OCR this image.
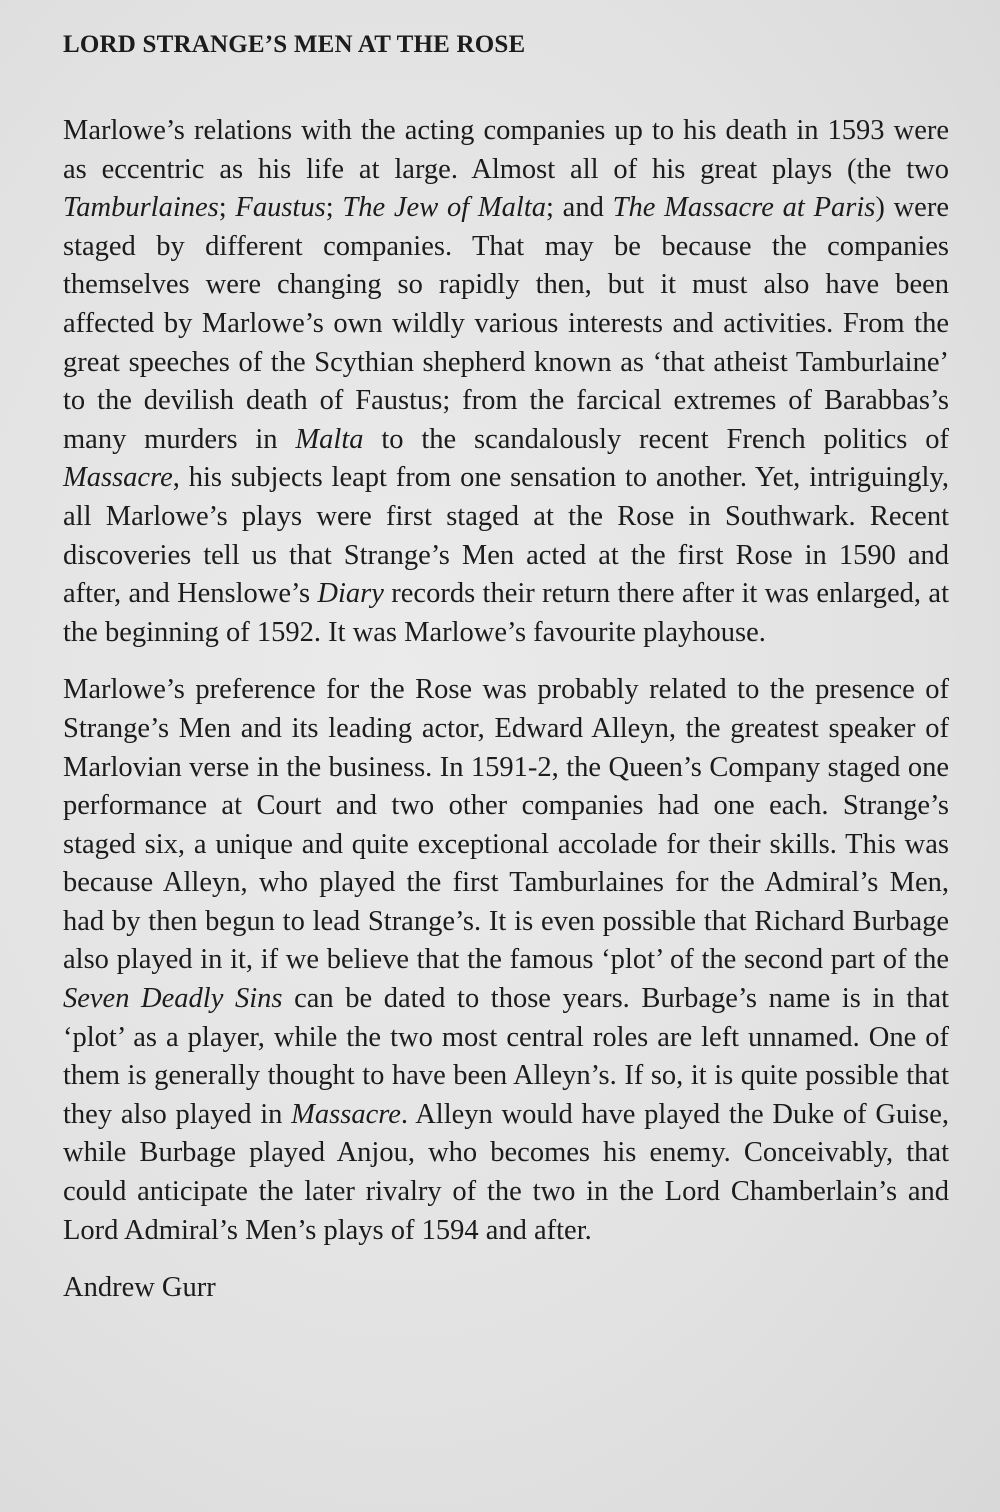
LORD STRANGE’S MEN AT THE ROSE

Marlowe’s relations with the acting companies up to his death in 1593 were as eccentric as his life at large. Almost all of his great plays (the two Tamburlaines; Faustus; The Jew of Malta; and The Massacre at Paris) were staged by different companies. That may be because the companies themselves were changing so rapidly then, but it must also have been affected by Marlowe’s own wildly various interests and activities. From the great speeches of the Scythian shepherd known as ‘that atheist Tamburlaine’ to the devilish death of Faustus; from the farcical extremes of Barabbas’s many murders in Malta to the scandalously recent French politics of Massacre, his subjects leapt from one sensation to another. Yet, intriguingly, all Marlowe’s plays were first staged at the Rose in Southwark. Recent discoveries tell us that Strange’s Men acted at the first Rose in 1590 and after, and Henslowe’s Diary records their return there after it was enlarged, at the beginning of 1592. It was Marlowe’s favourite playhouse.

Marlowe’s preference for the Rose was probably related to the presence of Strange’s Men and its leading actor, Edward Alleyn, the greatest speaker of Marlovian verse in the business. In 1591-2, the Queen’s Company staged one performance at Court and two other companies had one each. Strange’s staged six, a unique and quite exceptional accolade for their skills. This was because Alleyn, who played the first Tamburlaines for the Admiral’s Men, had by then begun to lead Strange’s. It is even possible that Richard Burbage also played in it, if we believe that the famous ‘plot’ of the second part of the Seven Deadly Sins can be dated to those years. Burbage’s name is in that ‘plot’ as a player, while the two most central roles are left unnamed. One of them is generally thought to have been Alleyn’s. If so, it is quite possible that they also played in Massacre. Alleyn would have played the Duke of Guise, while Burbage played Anjou, who becomes his enemy. Conceivably, that could anticipate the later rivalry of the two in the Lord Chamberlain’s and Lord Admiral’s Men’s plays of 1594 and after.

Andrew Gurr
